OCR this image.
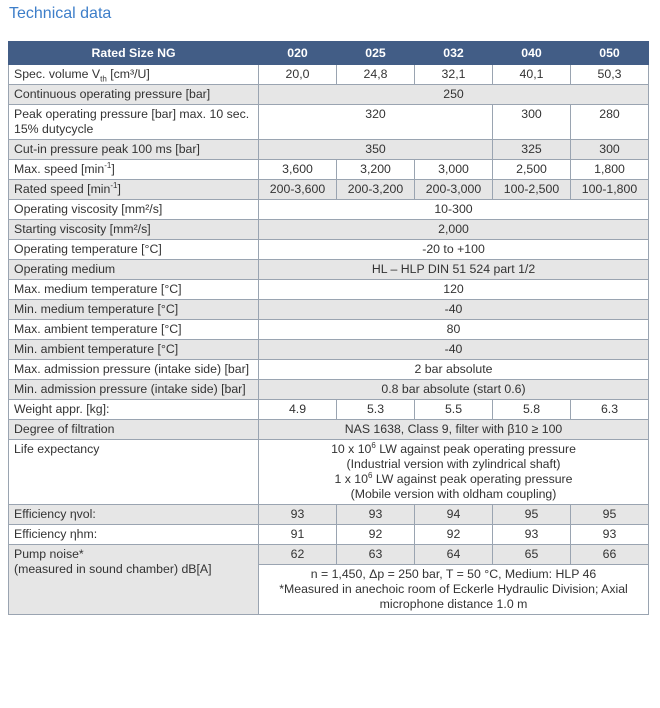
Technical data
Rated Size NG	020	025	032	040	050
Spec. volume $V_{th}$ [cm³/U]	20,0	24,8	32,1	40,1	50,3
Continuous operating pressure [bar]	250				
Peak operating pressure [bar] max. 10 sec. 15% dutycycle	320			300	280
Cut-in pressure peak 100 ms [bar]	350			325	300
Max. speed $[\min^{-1}]$	3,600	3,200	3,000	2,500	1,800
Rated speed $[\min^{-1}]$	200-3,600	200-3,200	200-3,000	100-2,500	100-1,800
Operating viscosity [mm²/s]	10-300				
Starting viscosity [mm²/s]	2,000				
Operating temperature [°C]	-20 to +100				
Operating medium	HL – HLP DIN 51 524 part 1/2				
Max. medium temperature [°C]	120				
Min. medium temperature [°C]	-40				
Max. ambient temperature [°C]	80				
Min. ambient temperature [°C]	-40				
Max. admission pressure (intake side) [bar]	2 bar absolute				
Min. admission pressure (intake side) [bar]	0.8 bar absolute (start 0.6)				
Weight appr. [kg]:	4.9	5.3	5.5	5.8	6.3
Degree of filtration	NAS 1638, Class 9, filter with β10 ≥ 100				
Life expectancy	10 x $10^6$ LW against peak operating pressure
(Industrial version with zylindrical shaft)
1 x $10^6$ LW against peak operating pressure
(Mobile version with oldham coupling)				

Efficiency ηvol:	93	93	94	95	95
Efficiency ηhm:	91	92	92	93	93

Pump noise*
(measured in sound chamber) dB[A]	62	63	64	65	66

	n = 1,450, Δp = 250 bar, T = 50 °C, Medium: HLP 46
*Measured in anechoic room of Eckerle Hydraulic Division; Axial microphone distance 1.0 m				
